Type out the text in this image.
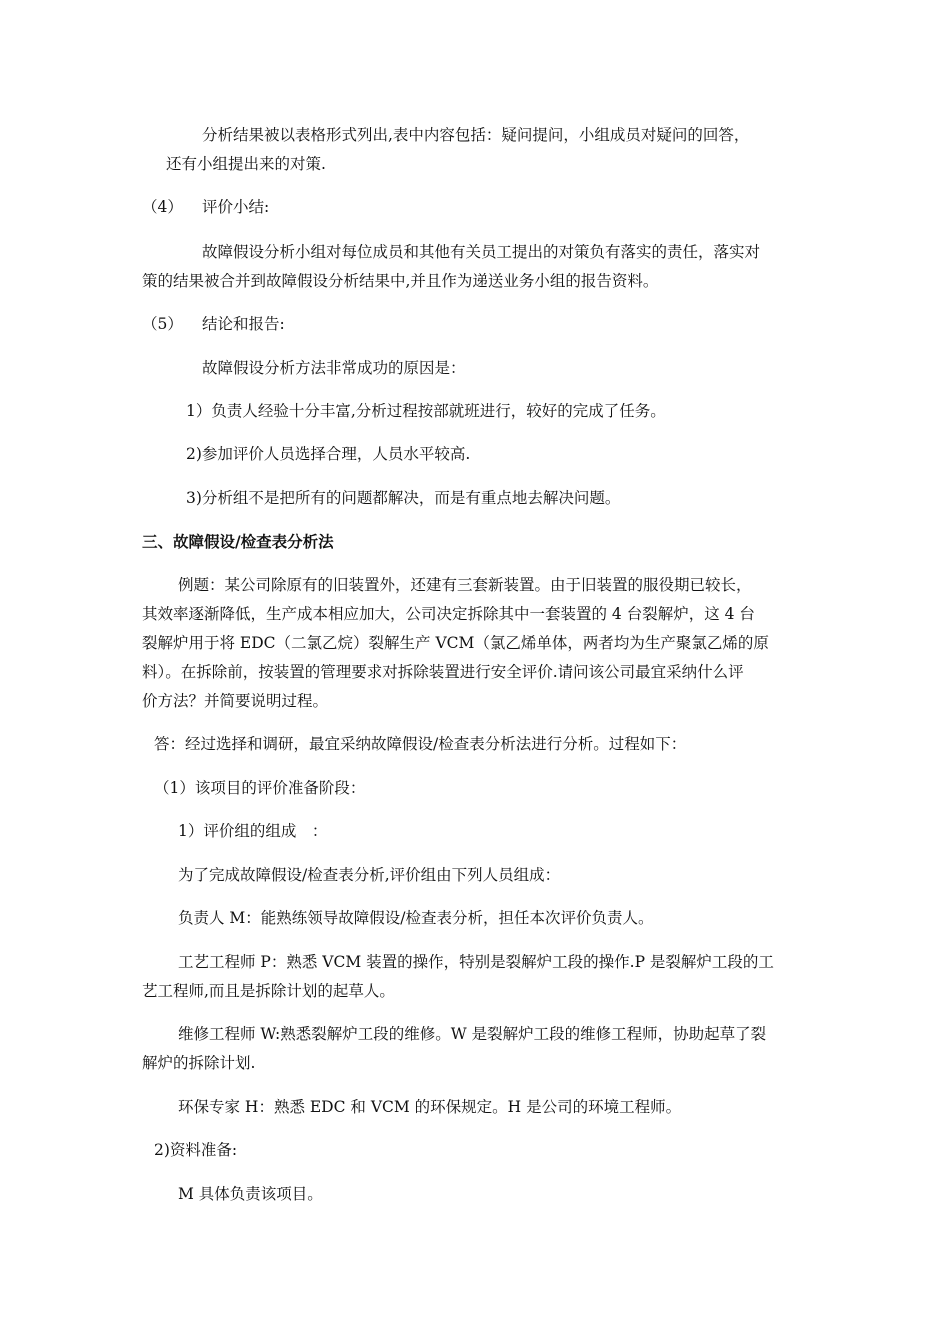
分析结果被以表格形式列出,表中内容包括：疑问提问，小组成员对疑问的回答，

还有小组提出来的对策.

（4） 评价小结:

故障假设分析小组对每位成员和其他有关员工提出的对策负有落实的责任，落实对

策的结果被合并到故障假设分析结果中,并且作为递送业务小组的报告资料。

（5） 结论和报告:

故障假设分析方法非常成功的原因是：

1）负责人经验十分丰富,分析过程按部就班进行，较好的完成了任务。

2)参加评价人员选择合理，人员水平较高.

3)分析组不是把所有的问题都解决，而是有重点地去解决问题。

三、故障假设/检查表分析法

例题：某公司除原有的旧装置外，还建有三套新装置。由于旧装置的服役期已较长，

其效率逐渐降低，生产成本相应加大，公司决定拆除其中一套装置的 4 台裂解炉，这 4 台

裂解炉用于将 EDC（二氯乙烷）裂解生产 VCM（氯乙烯单体，两者均为生产聚氯乙烯的原

料）。在拆除前，按装置的管理要求对拆除装置进行安全评价.请问该公司最宜采纳什么评

价方法？并简要说明过程。

答：经过选择和调研，最宜采纳故障假设/检查表分析法进行分析。过程如下：

（1）该项目的评价准备阶段：

1）评价组的组成　：

为了完成故障假设/检查表分析,评价组由下列人员组成：

负责人 M：能熟练领导故障假设/检查表分析，担任本次评价负责人。

工艺工程师 P：熟悉 VCM 装置的操作，特别是裂解炉工段的操作.P 是裂解炉工段的工

艺工程师,而且是拆除计划的起草人。

维修工程师 W:熟悉裂解炉工段的维修。W 是裂解炉工段的维修工程师，协助起草了裂

解炉的拆除计划.

环保专家 H：熟悉 EDC 和 VCM 的环保规定。H 是公司的环境工程师。

2)资料准备:

M 具体负责该项目。
